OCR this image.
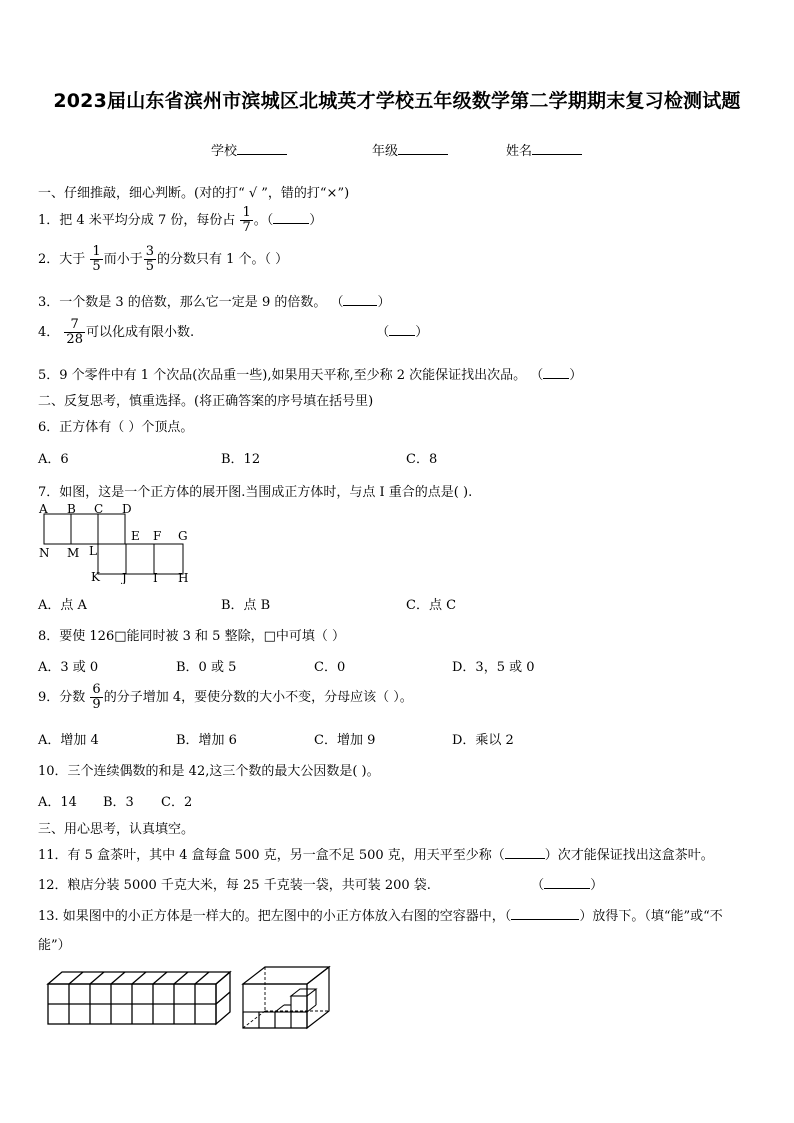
2023届山东省滨州市滨城区北城英才学校五年级数学第二学期期末复习检测试题
学校	年级	姓名
一、仔细推敲，细心判断。(对的打“ √ ”，错的打“×”)
1．把 4 米平均分成 7 份，每份占 $\frac{1}{7}$ 。（	）
2．大于 $\frac{1}{5}$ 而小于 $\frac{3}{5}$ 的分数只有 1 个。（ ）
3．一个数是 3 的倍数，那么它一定是 9 的倍数。 （	）
4． $\frac{7}{28}$ 可以化成有限小数.	（ ）
5．9 个零件中有 1 个次品(次品重一些),如果用天平称,至少称 2 次能保证找出次品。 （ ）
二、反复思考，慎重选择。(将正确答案的序号填在括号里)
6．正方体有（ ）个顶点。
A．6	B．12	C．8
7．如图，这是一个正方体的展开图.当围成正方体时，与点 I 重合的点是( ).
A B C D
E F G
N M L
K J I H
A．点 A	B．点 B	C．点 C
8．要使 126□能同时被 3 和 5 整除，□中可填（ ）
A．3 或 0	B．0 或 5	C．0	D．3，5 或 0
9．分数 $\frac{6}{9}$ 的分子增加 4，要使分数的大小不变，分母应该（ ）。
A．增加 4	B．增加 6	C．增加 9	D．乘以 2
10．三个连续偶数的和是 42,这三个数的最大公因数是( )。
A．14 B．3 C．2
三、用心思考，认真填空。
11．有 5 盒茶叶，其中 4 盒每盒 500 克，另一盒不足 500 克，用天平至少称（	）次才能保证找出这盒茶叶。
12．粮店分装 5000 千克大米，每 25 千克装一袋，共可装 200 袋.	（	）
13. 如果图中的小正方体是一样大的。把左图中的小正方体放入右图的空容器中，（	）放得下。（填“能”或“不
能”）
